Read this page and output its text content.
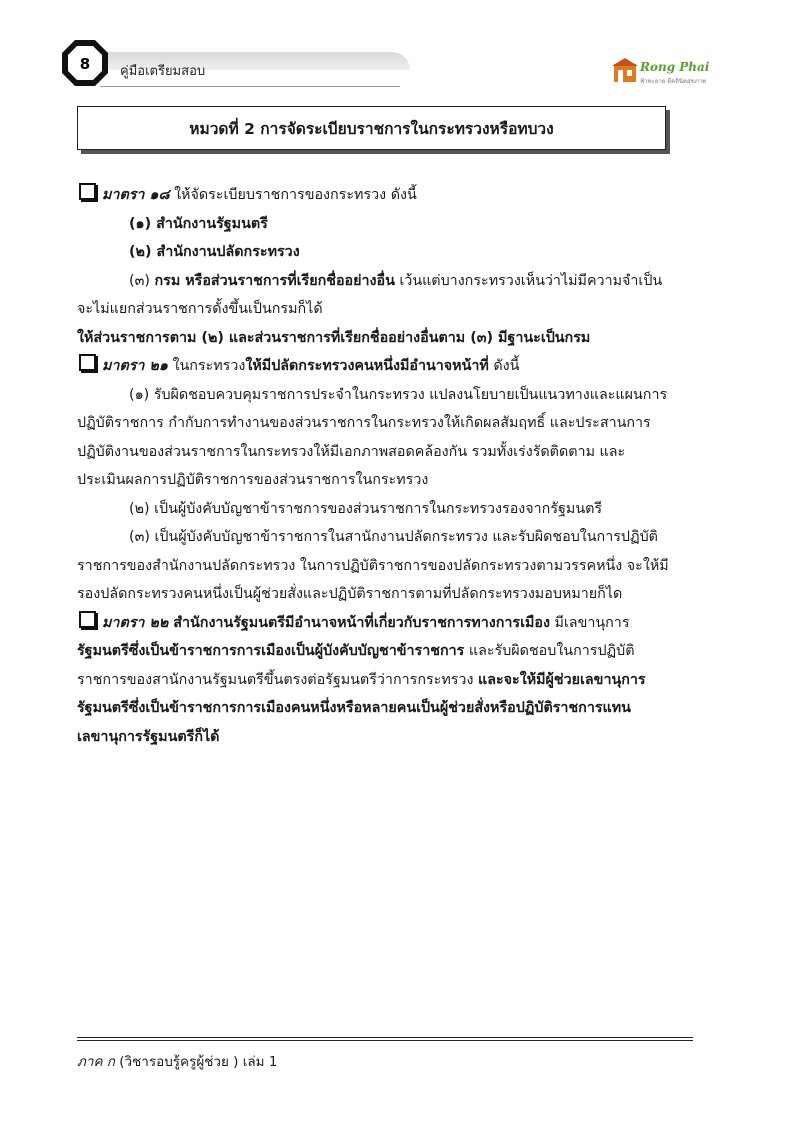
8 คู่มือเตรียมสอบ	Rong Phai
ฟ้าทะลาย ดีคลินิคสุขภาพ
หมวดที่ 2 การจัดระเบียบราชการในกระทรวงหรือทบวง
มาตรา ๑๘ ให้จัดระเบียบราชการของกระทรวง ดังนี้
(๑) สำนักงานรัฐมนตรี
(๒) สำนักงานปลัดกระทรวง
(๓) กรม หรือส่วนราชการที่เรียกชื่ออย่างอื่น เว้นแต่บางกระทรวงเห็นว่าไม่มีความจำเป็น
จะไม่แยกส่วนราชการดั้งขึ้นเป็นกรมก็ได้
ให้ส่วนราชการตาม (๒) และส่วนราชการที่เรียกชื่ออย่างอื่นตาม (๓) มีฐานะเป็นกรม
มาตรา ๒๑ ในกระทรวงให้มีปลัดกระทรวงคนหนึ่งมีอำนาจหน้าที่ ดังนี้
(๑) รับผิดชอบควบคุมราชการประจำในกระทรวง แปลงนโยบายเป็นแนวทางและแผนการ
ปฏิบัติราชการ กำกับการทำงานของส่วนราชการในกระทรวงให้เกิดผลสัมฤทธิ์ และประสานการ
ปฏิบัติงานของส่วนราชการในกระทรวงให้มีเอกภาพสอดคล้องกัน รวมทั้งเร่งรัดติดตาม และ
ประเมินผลการปฏิบัติราชการของส่วนราชการในกระทรวง
(๒) เป็นผู้บังคับบัญชาข้าราชการของส่วนราชการในกระทรวงรองจากรัฐมนตรี
(๓) เป็นผู้บังคับบัญชาข้าราชการในสานักงานปลัดกระทรวง และรับผิดชอบในการปฏิบัติ
ราชการของสำนักงานปลัดกระทรวง ในการปฏิบัติราชการของปลัดกระทรวงตามวรรคหนึ่ง จะให้มี
รองปลัดกระทรวงคนหนึ่งเป็นผู้ช่วยสั่งและปฏิบัติราชการตามที่ปลัดกระทรวงมอบหมายก็ได
มาตรา ๒๒ สำนักงานรัฐมนตรีมีอำนาจหน้าที่เกี่ยวกับราชการทางการเมือง มีเลขานุการ
รัฐมนตรีซึ่งเป็นข้าราชการการเมืองเป็นผู้บังคับบัญชาข้าราชการ และรับผิดชอบในการปฏิบัติ
ราชการของสานักงานรัฐมนตรีขึ้นตรงต่อรัฐมนตรีว่าการกระทรวง และจะให้มีผู้ช่วยเลขานุการ
รัฐมนตรีซึ่งเป็นข้าราชการการเมืองคนหนึ่งหรือหลายคนเป็นผู้ช่วยสั่งหรือปฏิบัติราชการแทน
เลขานุการรัฐมนตรีก็ได้
ภาค ก (วิชารอบรู้ครูผู้ช่วย ) เล่ม 1
